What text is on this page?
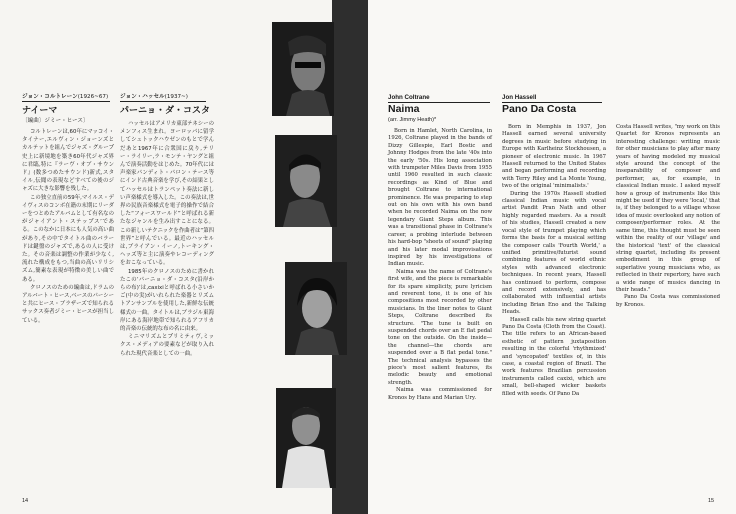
ジョン・コルトレーン(1926~67)
ナイーマ
〔編曲〕ジミー・ヒース〕

コルトレーンは,60年にマッコイ・タイナー,エルヴィン・ジョーンズとカルテットを組んでジャズ・グループ史上に新境地を築き60年代ジャズ界に君臨,特に『ラーヴ・オブ・サウンド』(数多つめたサウンド)新式,スタイル,伝聞の表現などすべての後のジャズに大きな影響を残した。

この独立直前の59年,マイルス・デイヴィスのコンボ在籍の末期にリーダーをつとめたアルバムとして有名なのがジャイアント・ステップス’である。このなかに日本にも人気の高い曲があり,その中でタイトル曲のバラードは鍵盤のジャズで,あるの人に受けた。その音楽は調整の作業が少なく,流れた構成をもつ,当曲の高いリリシズム,簡素な表現が特徴の美しい曲である。

クロノスのための編曲は,ドラムのアルバート・ヒース,ベースのパーシーと共にヒース・ブラザーズで知られるサックス奏者ジミー・ヒースが担当している。

ジョン・ハッセル(1937~)
パーニョ・ダ・コスタ

ハッセルはアメリカ東部テネシーのメンフィス生まれ。ヨーロッパに留学してシュトックハウゼンのもとで学んだあと1967年に合衆国に戻り,テリー・ライリー,ラ・モンテ・ヤングと組んで演奏活動をはじめた。70年代には声楽家パンディト・パロン・テース等にインド古典音楽を学び,その結果としてハッセルはトランペット奏法に新しい声楽様式を導入した。この奏法は,世界の民族音楽様式を電子的操作で結合した“フォースワールド”と呼ばれる新たなジャンルを生み出すことになる。この新しいテクニックを作曲者は“第四世界”と呼んでいる。最近のハッセルは,ブライアン・イーノ,トーキング・ヘッズ等と主に演奏やレコーディングをおこなっている。

1985年のクロノスのために書かれたこの‘パーニョ・ダ・コスタ(沿岸からの布)’は,caxixiと呼ばれる小さいかご(中の実)がいれられた楽器とリズムトアンサンブルを使用した,新鮮な伝統様式の一曲。タイトルは,ブラジル東海岸にある海岸地帯で知られるアフリカ的音楽の伝統的な布の名に由来。

ミニマリズムとプリミティヴ,ミックス・メディアの要素などが取り入れられた現代音楽としての一曲。

14
John Coltrane
Naima
(arr. Jimmy Heath)*

Born in Hamlet, North Carolina, in 1926, Coltrane played in the bands of Dizzy Gillespie, Earl Bostic and Johnny Hodges from the late '40s into the early '50s. His long association with trumpeter Miles Davis from 1955 until 1960 resulted in such classic recordings as Kind of Blue and brought Coltrane to international prominence. He was preparing to step out on his own with his own band when he recorded Naima on the now legendary Giant Steps album. This was a transitional phase in Coltrane's career, a probing interlude between his hard-bop "sheets of sound" playing and his later modal improvisations inspired by his investigations of Indian music.

Naima was the name of Coltrane's first wife, and the piece is remarkable for its spare simplicity, pure lyricism and reverent tone, it is one of his compositions most recorded by other musicians. In the liner notes to Giant Steps, Coltrane described its structure. "The tune is built on suspended chords over an E flat pedal tone on the outside. On the inside—the channel—the chords are suspended over a B flat pedal tone." The technical analysis bypasses the piece's most salient features, its melodic beauty and emotional strength.

Naima was commissioned for Kronos by Hans and Marian Ury.

Jon Hassell
Pano Da Costa

Born in Memphis in 1937, Jon Hassell earned several university degrees in music before studying in Europe with Karlheinz Stockhousen, a pioneer of electronic music. In 1967 Hassell returned to the United States and began performing and recording with Terry Riley and La Monte Young, two of the original 'minimalists.'

During the 1970s Hassell studied classical Indian music with vocal artist Pandit Pran Nath and other highly regarded masters. As a result of his studies, Hassell created a new vocal style of trumpet playing which forms the basis for a musical setting the composer calls 'Fourth World,' a unified primitive/futurist sound combining features of world ethnic styles with advanced electronic techniques. In recent years, Hassell has continued to perform, compose and record extensively, and has collaborated with influential artists including Brian Eno and the Talking Heads.

Hassell calls his new string quartet Pano Da Costa (Cloth from the Coast). The title refers to an African-based esthetic of pattern juxtaposition resulting in the colorful 'rhythmized' and 'syncopated' textiles of, in this case, a coastal region of Brazil. The work features Brazilian percussion instruments called caxixi, which are small, bell-shaped wicker baskets filled with seeds. Of Pano Da

Costa Hassell writes, "my work on this Quartet for Kronos represents an interesting challenge: writing music for other musicians to play after many years of having modeled my musical style around the concept of the inseparability of composer and performer, as, for example, in classical Indian music. I asked myself how a group of instruments like this might be used if they were 'local,' that is, if they belonged to a village whose idea of music overlooked any notion of composer/performer roles. At the same time, this thought must be seen within the reality of our 'village' and the historical 'text' of the classical string quartet, including its present embodiment in this group of superlative young musicians who, as reflected in their repertory, have such a wide range of musics dancing in their heads."

Pano Da Costa was commissioned by Kronos.

15
